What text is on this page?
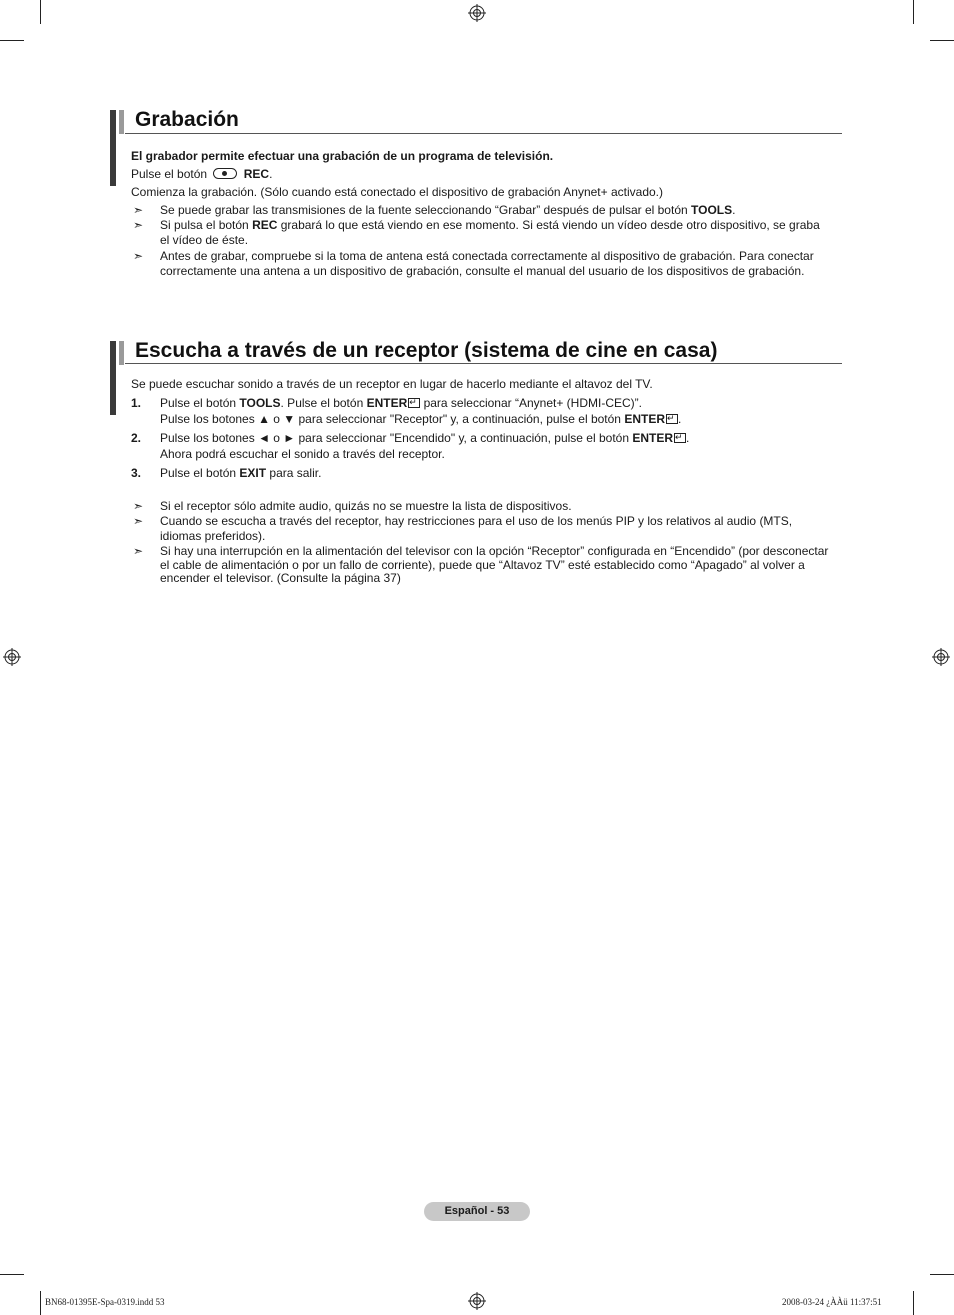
Grabación
El grabador permite efectuar una grabación de un programa de televisión.
Pulse el botón	REC.
Comienza la grabación. (Sólo cuando está conectado el dispositivo de grabación Anynet+ activado.)
➣ Se puede grabar las transmisiones de la fuente seleccionando “Grabar” después de pulsar el botón TOOLS.
➣ Si pulsa el botón REC grabará lo que está viendo en ese momento. Si está viendo un vídeo desde otro dispositivo, se graba
el vídeo de éste.
➣ Antes de grabar, compruebe si la toma de antena está conectada correctamente al dispositivo de grabación. Para conectar
correctamente una antena a un dispositivo de grabación, consulte el manual del usuario de los dispositivos de grabación.
Escucha a través de un receptor (sistema de cine en casa)
Se puede escuchar sonido a través de un receptor en lugar de hacerlo mediante el altavoz del TV.
1. Pulse el botón TOOLS. Pulse el botón ENTER↵ para seleccionar “Anynet+ (HDMI-CEC)”.
Pulse los botones ▲ o ▼ para seleccionar "Receptor" y, a continuación, pulse el botón ENTER ↵ .
2. Pulse los botones ◄ o ► para seleccionar "Encendido" y, a continuación, pulse el botón ENTER ↵ .
Ahora podrá escuchar el sonido a través del receptor.
3. Pulse el botón EXIT para salir.
➣ Si el receptor sólo admite audio, quizás no se muestre la lista de dispositivos.
➣ Cuando se escucha a través del receptor, hay restricciones para el uso de los menús PIP y los relativos al audio (MTS,
idiomas preferidos).
➣ Si hay una interrupción en la alimentación del televisor con la opción “Receptor” configurada en “Encendido” (por desconectar
el cable de alimentación o por un fallo de corriente), puede que “Altavoz TV” esté establecido como “Apagado” al volver a
encender el televisor. (Consulte la página 37)
Español - 53
BN68-01395E-Spa-0319.indd 53	2008-03-24 ¿ÀÀü 11:37:51
